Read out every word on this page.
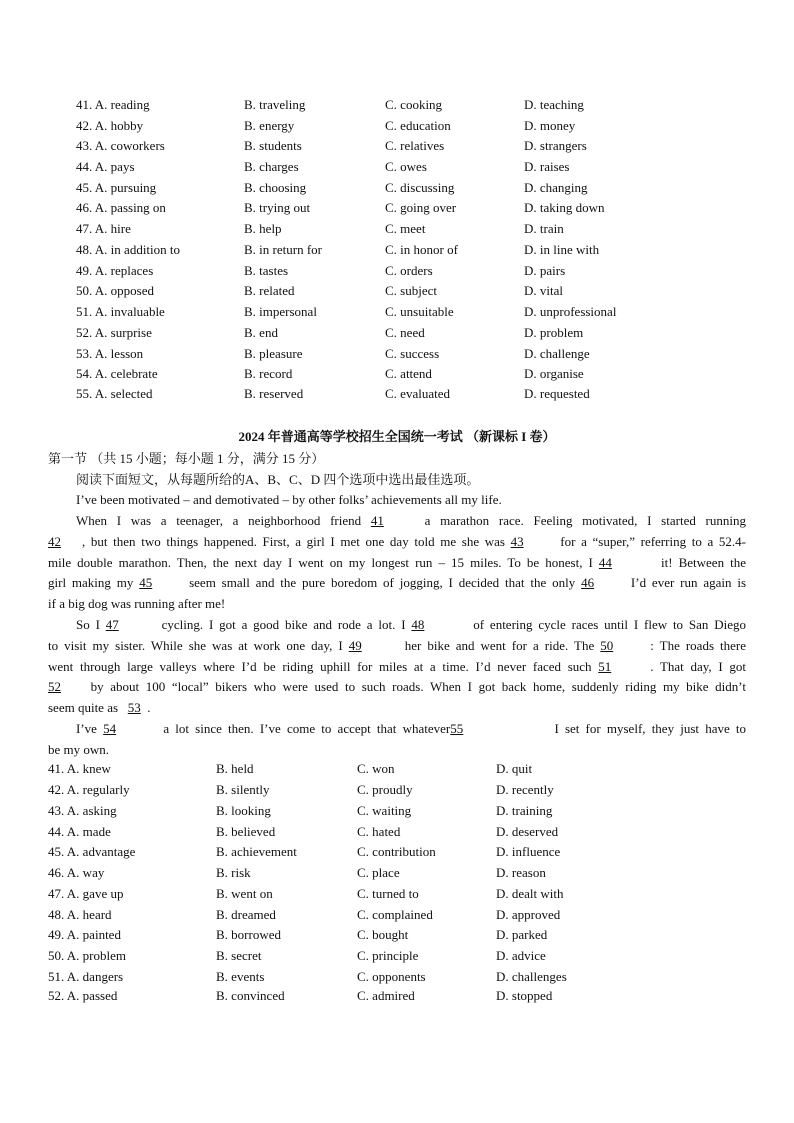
41. A. reading	B. traveling	C. cooking	D. teaching
42. A. hobby	B. energy	C. education	D. money
43. A. coworkers	B. students	C. relatives	D. strangers
44. A. pays	B. charges	C. owes	D. raises
45. A. pursuing	B. choosing	C. discussing	D. changing
46. A. passing on	B. trying out	C. going over	D. taking down
47. A. hire	B. help	C. meet	D. train
48. A. in addition to	B. in return for	C. in honor of	D. in line with
49. A. replaces	B. tastes	C. orders	D. pairs
50. A. opposed	B. related	C. subject	D. vital
51. A. invaluable	B. impersonal	C. unsuitable	D. unprofessional
52. A. surprise	B. end	C. need	D. problem
53. A. lesson	B. pleasure	C. success	D. challenge
54. A. celebrate	B. record	C. attend	D. organise
55. A. selected	B. reserved	C. evaluated	D. requested
2024 年普通高等学校招生全国统一考试 （新课标 I 卷）
第一节 （共 15 小题；每小题 1 分，满分 15 分）
阅读下面短文，从每题所给的A、B、C、D 四个选项中选出最佳选项。
I’ve been motivated – and demotivated – by other folks’ achievements all my life.
When I was a teenager, a neighborhood friend 41	a marathon race. Feeling motivated, I started running
42 , but then two things happened. First, a girl I met one day told me she was 43	for a “super,” referring to a 52.4-
mile double marathon. Then, the next day I went on my longest run – 15 miles. To be honest, I 44	it! Between the
girl making my 45	seem small and the pure boredom of jogging, I decided that the only 46	I’d ever run again is
if a big dog was running after me!
So I 47	cycling. I got a good bike and rode a lot. I 48	of entering cycle races until I flew to San Diego
to visit my sister. While she was at work one day, I 49	her bike and went for a ride. The 50	: The roads there
went through large valleys where I’d be riding uphill for miles at a time. I’d never faced such 51	. That day, I got
52 by about 100 “local” bikers who were used to such roads. When I got back home, suddenly riding my bike didn’t
seem quite as 53 .
I’ve 54	a lot since then. I’ve come to accept that whatever55	I set for myself, they just have to
be my own.
41. A. knew	B. held	C. won	D. quit
42. A. regularly	B. silently	C. proudly	D. recently
43. A. asking	B. looking	C. waiting	D. training
44. A. made	B. believed	C. hated	D. deserved
45. A. advantage	B. achievement	C. contribution	D. influence
46. A. way	B. risk	C. place	D. reason
47. A. gave up	B. went on	C. turned to	D. dealt with
48. A. heard	B. dreamed	C. complained	D. approved
49. A. painted	B. borrowed	C. bought	D. parked
50. A. problem	B. secret	C. principle	D. advice
51. A. dangers	B. events	C. opponents	D. challenges
52. A. passed	B. convinced	C. admired	D. stopped
